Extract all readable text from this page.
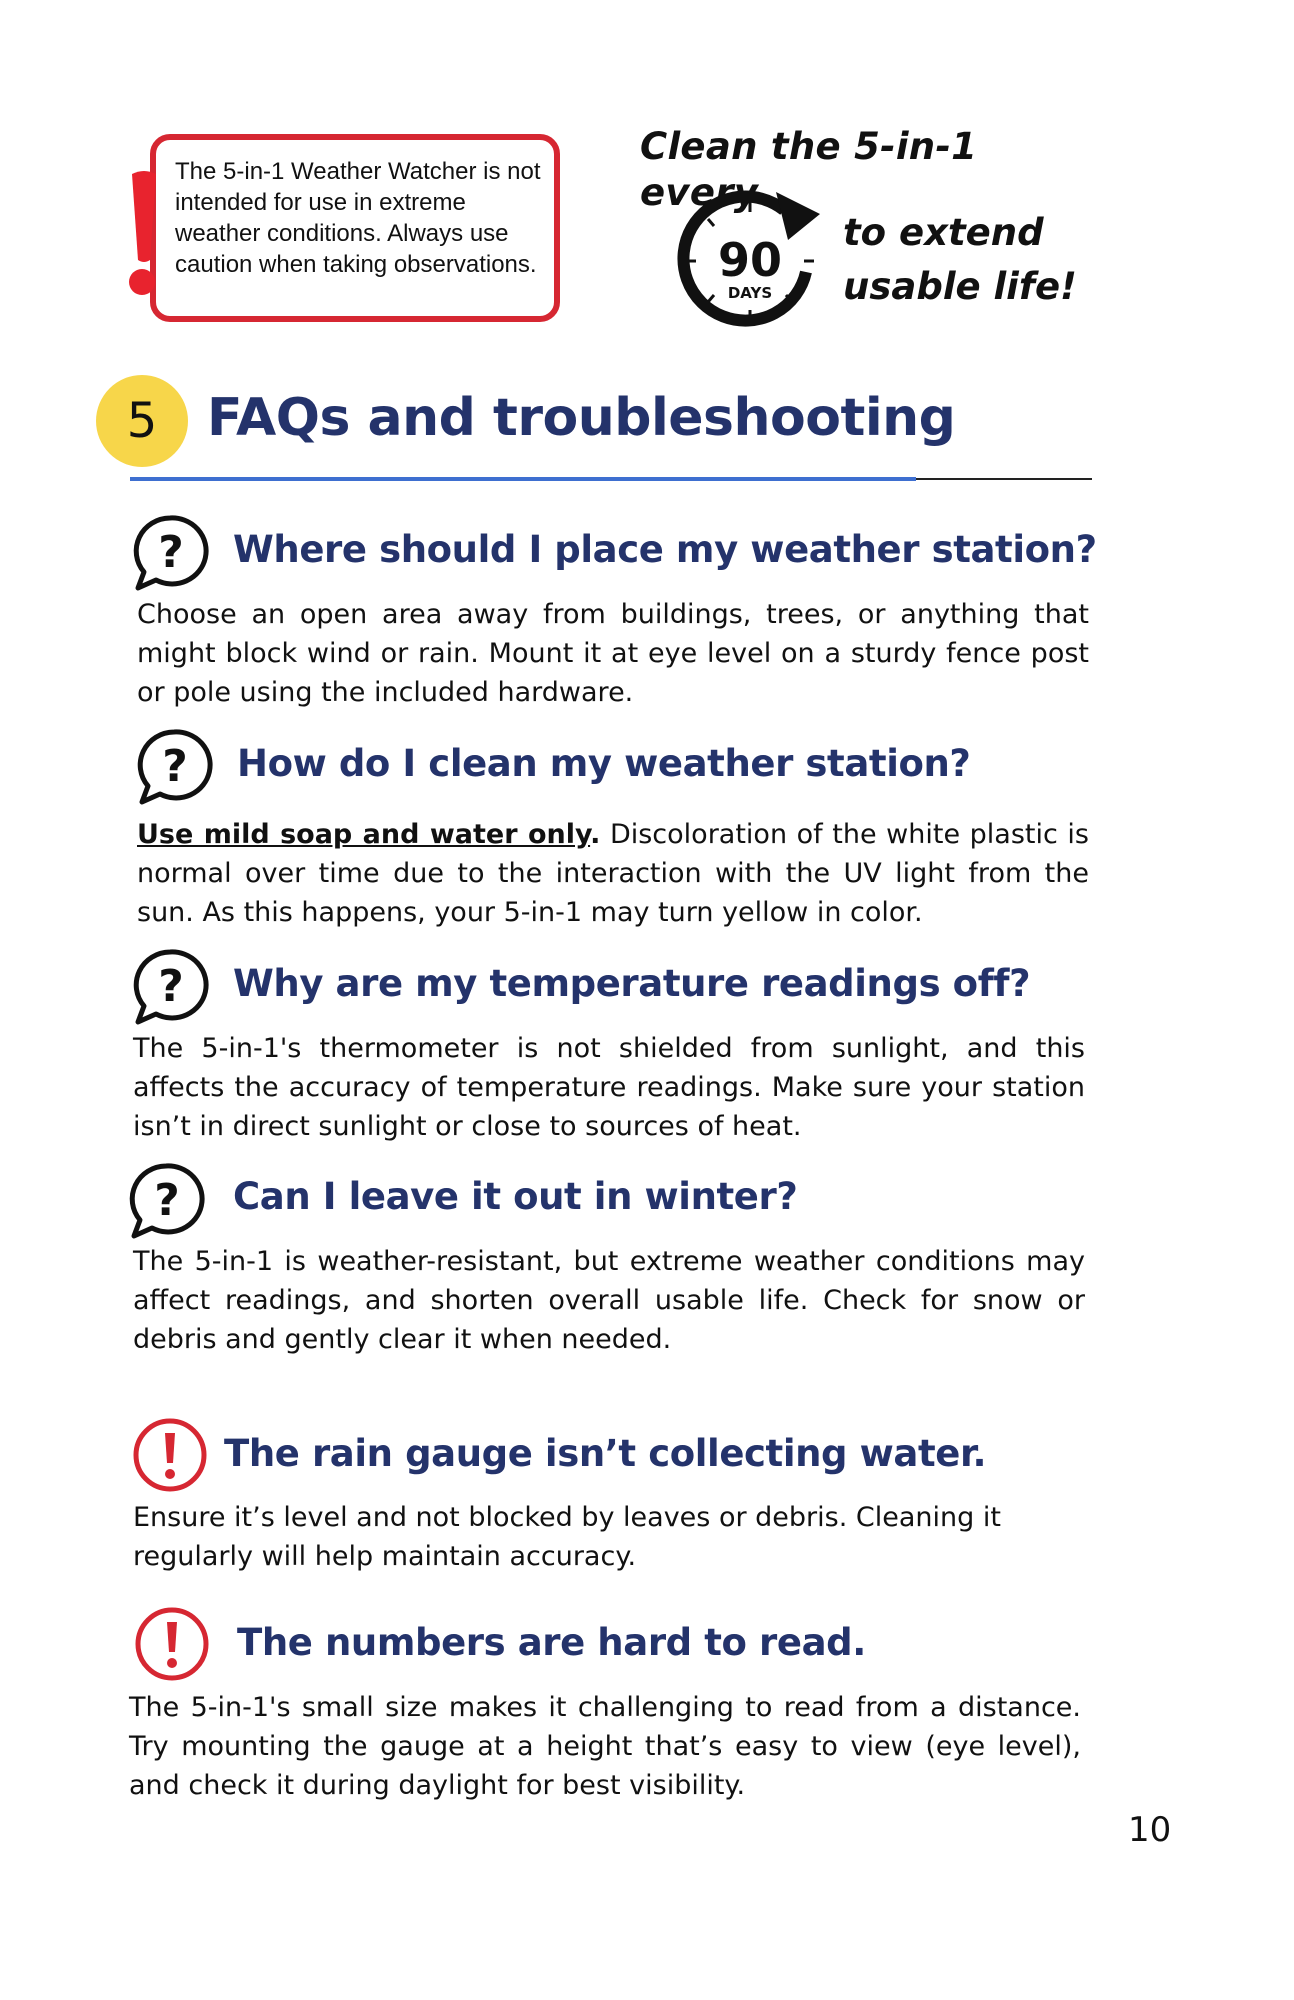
The 5-in-1 Weather Watcher is not intended for use in extreme weather conditions. Always use caution when taking observations.
Clean the 5-in-1 every
90
DAYS
to extend
usable life!
5 FAQs and troubleshooting
? Where should I place my weather station?
Choose an open area away from buildings, trees, or anything that might block wind or rain. Mount it at eye level on a sturdy fence post or pole using the included hardware.
? How do I clean my weather station?
Use mild soap and water only. Discoloration of the white plastic is normal over time due to the interaction with the UV light from the sun. As this happens, your 5-in-1 may turn yellow in color.
? Why are my temperature readings off?
The 5-in-1's thermometer is not shielded from sunlight, and this affects the accuracy of temperature readings. Make sure your station isn’t in direct sunlight or close to sources of heat.
? Can I leave it out in winter?
The 5-in-1 is weather-resistant, but extreme weather conditions may affect readings, and shorten overall usable life. Check for snow or debris and gently clear it when needed.
The rain gauge isn’t collecting water.
Ensure it’s level and not blocked by leaves or debris. Cleaning it regularly will help maintain accuracy.
The numbers are hard to read.
The 5-in-1's small size makes it challenging to read from a distance. Try mounting the gauge at a height that’s easy to view (eye level), and check it during daylight for best visibility.
10
